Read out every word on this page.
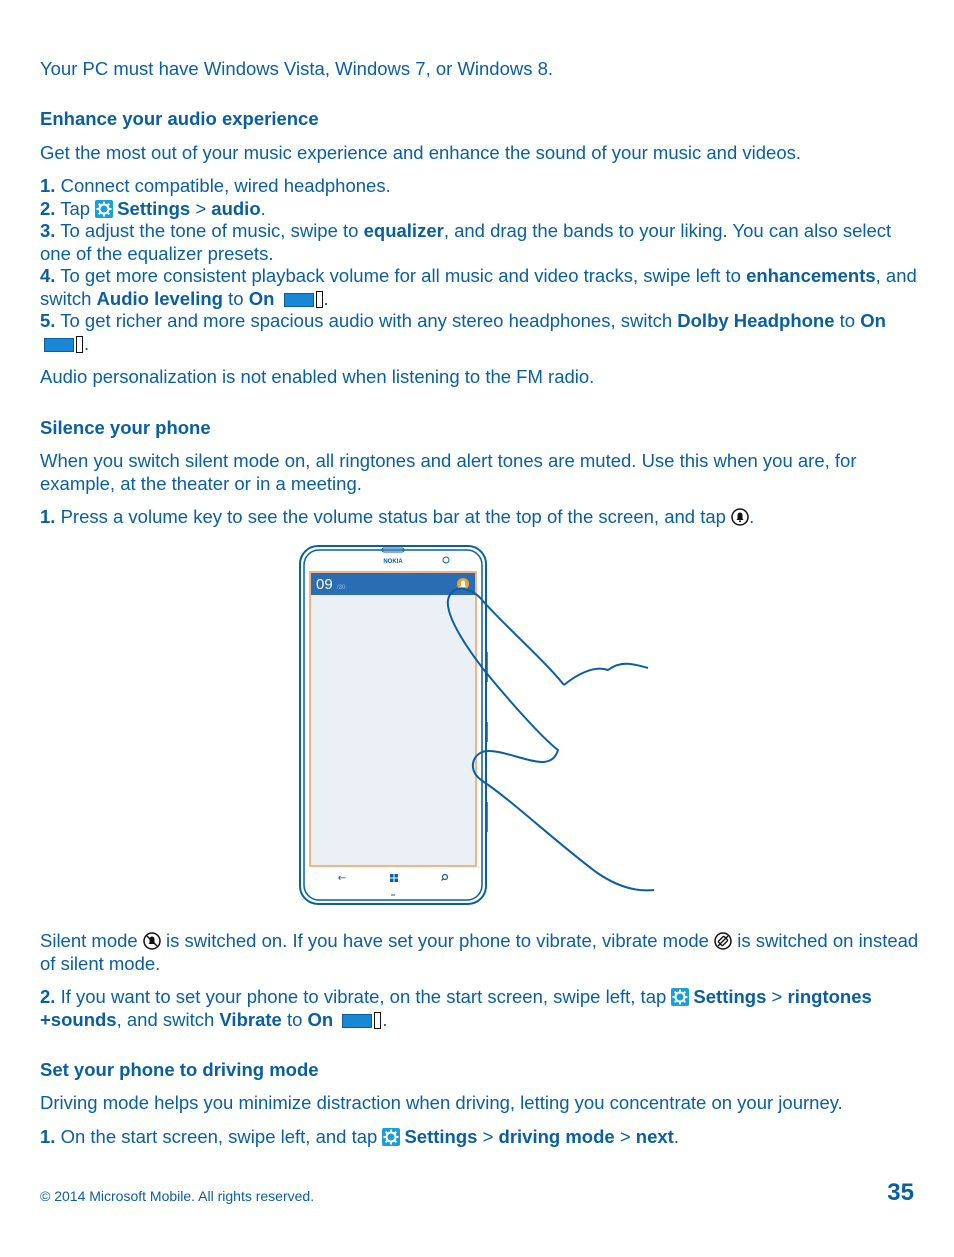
Your PC must have Windows Vista, Windows 7, or Windows 8.

Enhance your audio experience

Get the most out of your music experience and enhance the sound of your music and videos.

1. Connect compatible, wired headphones.
2. Tap
Settings > audio.
3. To adjust the tone of music, swipe to equalizer, and drag the bands to your liking. You can also select one of the equalizer presets.
4. To get more consistent playback volume for all music and video tracks, swipe left to enhancements, and switch Audio leveling to On	.
5. To get richer and more spacious audio with any stereo headphones, switch Dolby Headphone to On
.

Audio personalization is not enabled when listening to the FM radio.

Silence your phone

When you switch silent mode on, all ringtones and alert tones are muted. Use this when you are, for example, at the theater or in a meeting.

1. Press a volume key to see the volume status bar at the top of the screen, and tap .
NOKIA
09 /30
←
Silent mode  is switched on. If you have set your phone to vibrate, vibrate mode  is switched on instead of silent mode.
2. If you want to set your phone to vibrate, on the start screen, swipe left, tap
Settings > ringtones +sounds, and switch Vibrate to On	.

Set your phone to driving mode

Driving mode helps you minimize distraction when driving, letting you concentrate on your journey.

1. On the start screen, swipe left, and tap
Settings > driving mode > next.
© 2014 Microsoft Mobile. All rights reserved.	35
